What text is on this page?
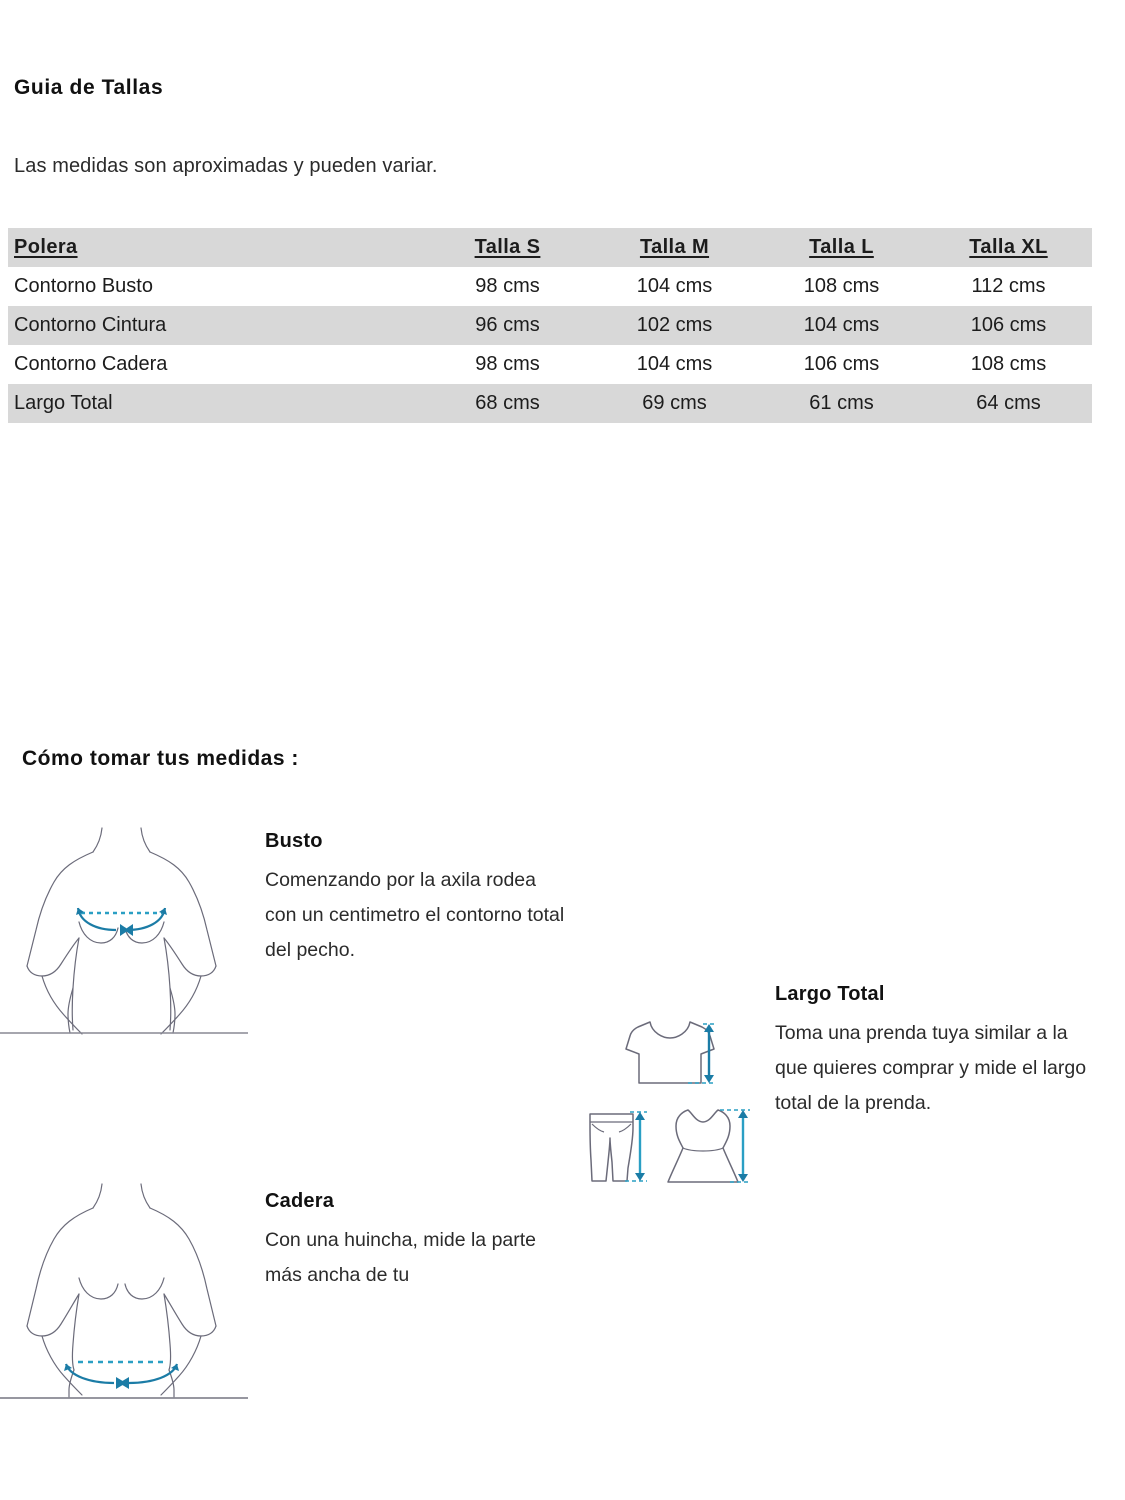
Guia de Tallas
Las medidas son aproximadas y pueden variar.
Polera	Talla S	Talla M	Talla L	Talla XL
Contorno Busto	98 cms	104 cms	108 cms	112 cms
Contorno Cintura	96 cms	102 cms	104 cms	106 cms
Contorno Cadera	98 cms	104 cms	106 cms	108 cms
Largo Total	68 cms	69 cms	61 cms	64 cms
Cómo tomar tus medidas :
Busto
Comenzando por la axila rodea con un centimetro el contorno total del pecho.
Cadera
Con una huincha, mide la parte más ancha de tu
Largo Total
Toma una prenda tuya similar a la que quieres comprar y mide el largo total de la prenda.
